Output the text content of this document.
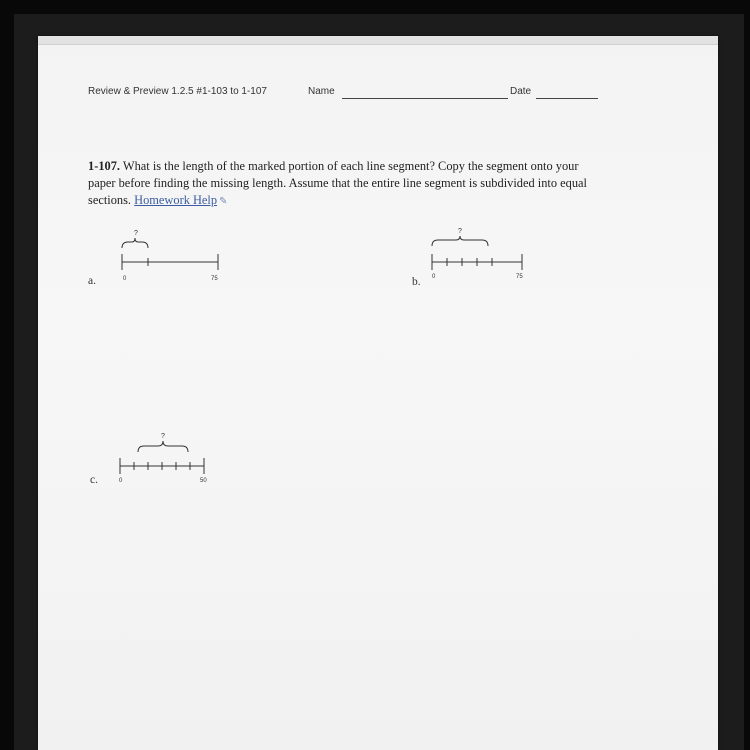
Review & Preview 1.2.5 #1-103 to 1-107	Name	Date
1-107. What is the length of the marked portion of each line segment? Copy the segment onto your paper before finding the missing length. Assume that the entire line segment is subdivided into equal sections. Homework Help ✎
a.
?
0	75	b.
?
0	75
c.
?
0	50
